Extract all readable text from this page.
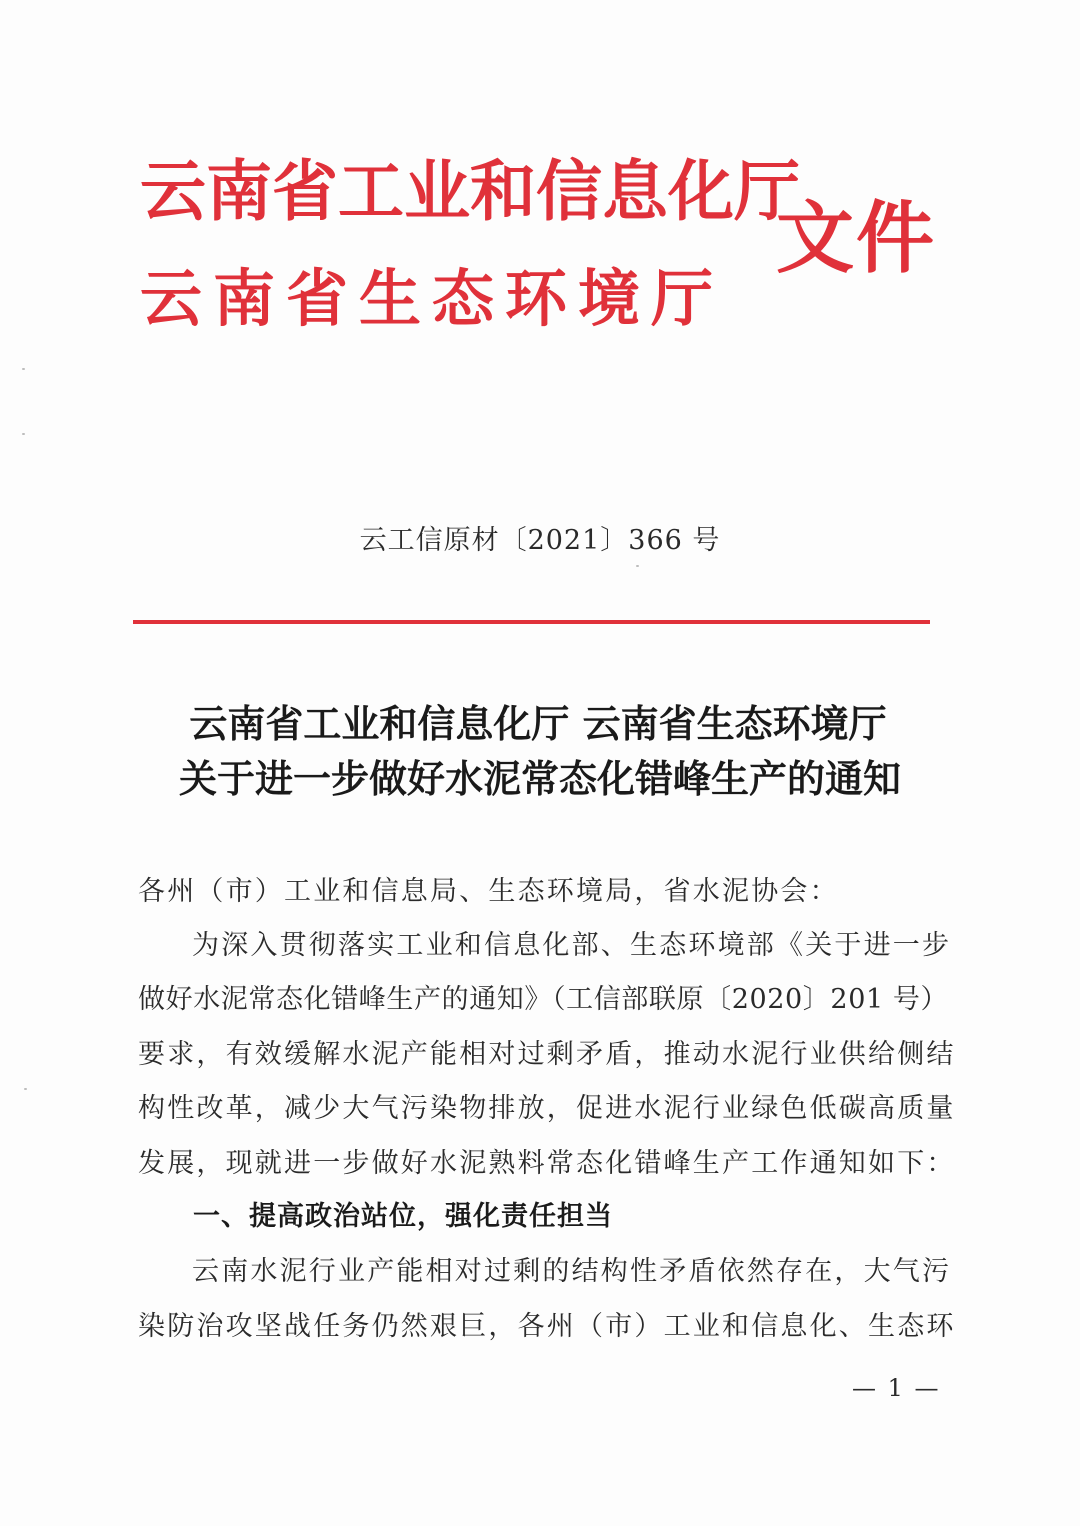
云南省工业和信息化厅
云南省生态环境厅
文件
云工信原材〔2021〕366 号
云南省工业和信息化厅 云南省生态环境厅
关于进一步做好水泥常态化错峰生产的通知
各州（市）工业和信息局、生态环境局，省水泥协会：
为深入贯彻落实工业和信息化部、生态环境部《关于进一步
做好水泥常态化错峰生产的通知》（工信部联原〔2020〕201 号）
要求，有效缓解水泥产能相对过剩矛盾，推动水泥行业供给侧结
构性改革，减少大气污染物排放，促进水泥行业绿色低碳高质量
发展，现就进一步做好水泥熟料常态化错峰生产工作通知如下：
一、提高政治站位，强化责任担当
云南水泥行业产能相对过剩的结构性矛盾依然存在，大气污
染防治攻坚战任务仍然艰巨，各州（市）工业和信息化、生态环
— 1 —
